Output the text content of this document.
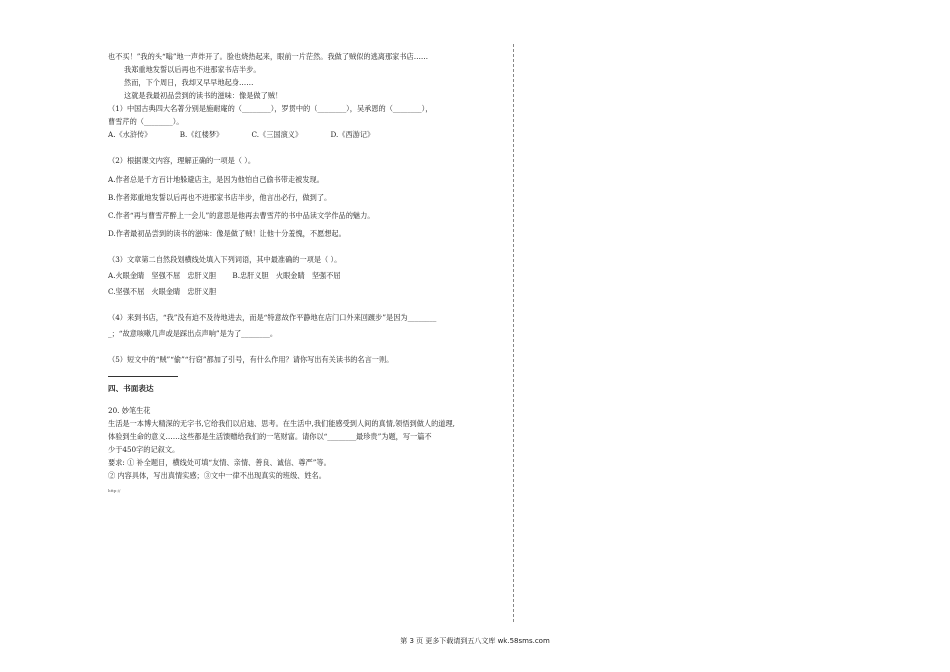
也不买！”我的头“嗡”地一声炸开了。脸也烧热起来，眼前一片茫然。我做了贼似的逃离那家书店……
我郑重地发誓以后再也不进那家书店半步。
然而，下个周日，我却又早早地起身……
这就是我最初品尝到的读书的滋味：像是做了贼！
（1）中国古典四大名著分别是施耐庵的（________），罗贯中的（________），吴承恩的（________），
曹雪芹的（________）。
A.《水浒传》	B.《红楼梦》	C.《三国演义》	D.《西游记》
（2）根据课文内容，理解正确的一项是（ ）。
A.作者总是千方百计地躲避店主，是因为他怕自己偷书带走被发现。
B.作者郑重地发誓以后再也不进那家书店半步，他言出必行，做到了。
C.作者“再与曹雪芹醉上一会儿”的意思是他再去曹雪芹的书中品读文学作品的魅力。
D.作者最初品尝到的读书的滋味：像是做了贼！让他十分羞愧，不愿想起。
（3）文章第二自然段划横线处填入下列词语，其中最准确的一项是（ ）。
A.火眼金睛　坚强不屈　忠肝义胆 B.忠肝义胆　火眼金睛　坚强不屈
C.坚强不屈　火眼金睛　忠肝义胆
（4）来到书店，“我”没有迫不及待地进去，而是“特意故作平静地在店门口外来回踱步”是因为________
_；“故意咳嗽几声或是踩出点声响”是为了________。
（5）短文中的“贼”“偷”“行窃”都加了引号，有什么作用？请你写出有关读书的名言一则。
四、书面表达
20. 妙笔生花
生活是一本博大精深的无字书,它给我们以启迪、思考。在生活中,我们能感受到人间的真情,领悟到做人的道理,
体验到生命的意义……这些都是生活馈赠给我们的一笔财富。请你以“________最珍贵”为题，写一篇不
少于450字的记叙文。
要求: ① 补全题目，横线处可填“友情、亲情、善良、诚信、尊严”等。
② 内容具体，写出真情实感；③文中一律不出现真实的班级、姓名。
http://
第 3 页 更多下载请到五八文库 wk.58sms.com
